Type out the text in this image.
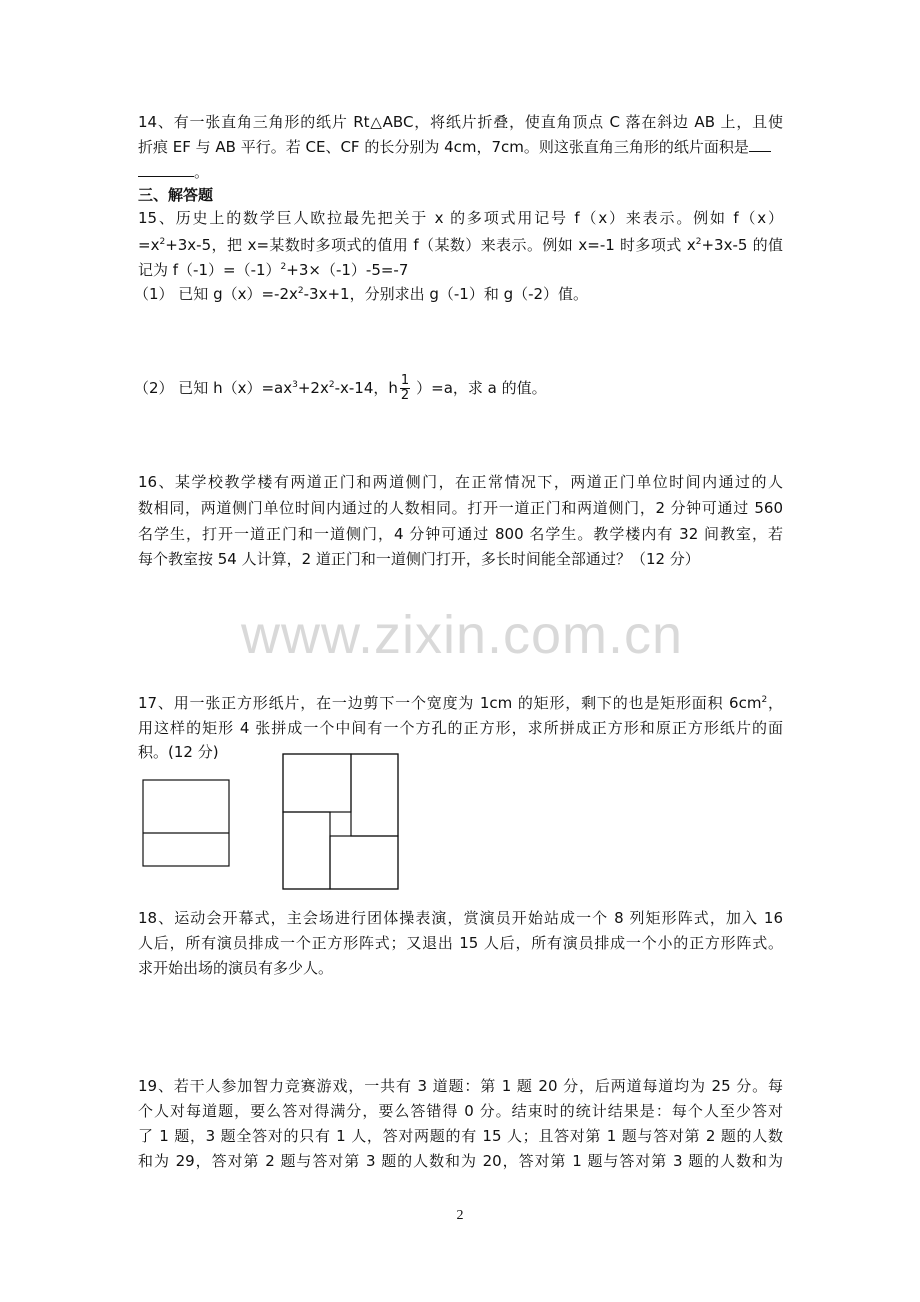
14、有一张直角三角形的纸片 Rt△ABC，将纸片折叠，使直角顶点 C 落在斜边 AB 上，且使
折痕 EF 与 AB 平行。若 CE、CF 的长分别为 4cm，7cm。则这张直角三角形的纸片面积是
。
三、解答题
15、历史上的数学巨人欧拉最先把关于 x 的多项式用记号 f（x）来表示。例如 f（x）
$=x^2+3x-5$，把 x=某数时多项式的值用 f（某数）来表示。例如 x=-1 时多项式 $x^2+3x-5$ 的值
记为 $f(-1)=(-1)^2+3\times(-1)-5=-7$
（1） 已知 $g(x)=-2x^2-3x+1$，分别求出 g（-1）和 g（-2）值。
（2） 已知 $h(x)=ax^3+2x^2-x-14$，h $\frac{1}{2} )=a$，求 a 的值。
16、某学校教学楼有两道正门和两道侧门，在正常情况下，两道正门单位时间内通过的人
数相同，两道侧门单位时间内通过的人数相同。打开一道正门和两道侧门，2 分钟可通过 560
名学生，打开一道正门和一道侧门，4 分钟可通过 800 名学生。教学楼内有 32 间教室，若
每个教室按 54 人计算，2 道正门和一道侧门打开，多长时间能全部通过？（12 分）
www.zixin.com.cn
17、用一张正方形纸片，在一边剪下一个宽度为 1cm 的矩形，剩下的也是矩形面积 $6cm^2$，
用这样的矩形 4 张拼成一个中间有一个方孔的正方形，求所拼成正方形和原正方形纸片的面
积。(12 分)
18、运动会开幕式，主会场进行团体操表演，赏演员开始站成一个 8 列矩形阵式，加入 16
人后，所有演员排成一个正方形阵式；又退出 15 人后，所有演员排成一个小的正方形阵式。
求开始出场的演员有多少人。
19、若干人参加智力竞赛游戏，一共有 3 道题：第 1 题 20 分，后两道每道均为 25 分。每
个人对每道题，要么答对得满分，要么答错得 0 分。结束时的统计结果是：每个人至少答对
了 1 题，3 题全答对的只有 1 人，答对两题的有 15 人；且答对第 1 题与答对第 2 题的人数
和为 29，答对第 2 题与答对第 3 题的人数和为 20，答对第 1 题与答对第 3 题的人数和为
2
